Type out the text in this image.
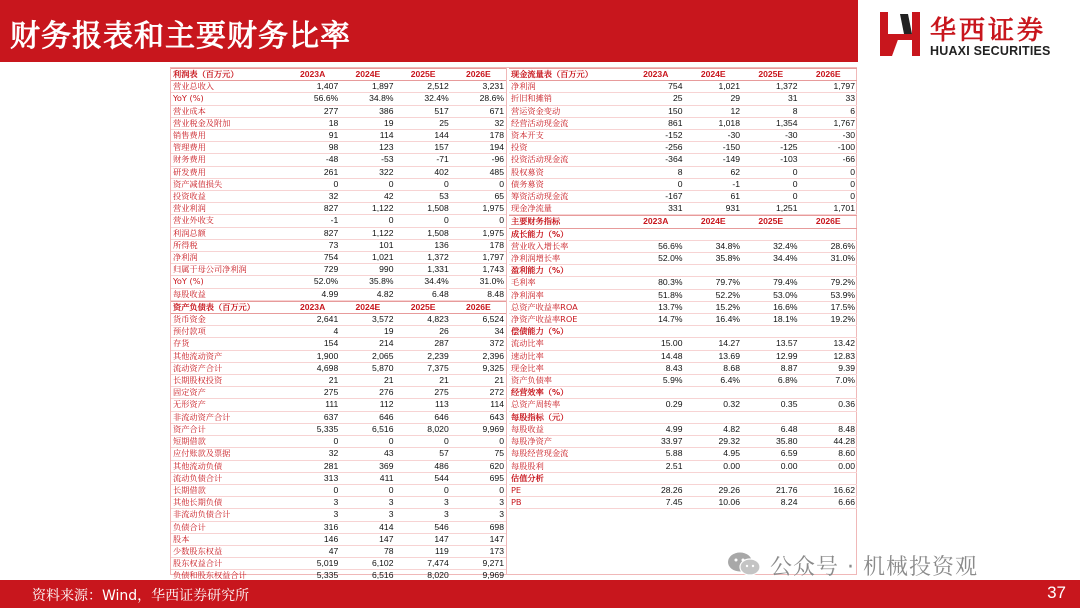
财务报表和主要财务比率	华西证券
HUAXI SECURITIES
利润表（百万元）	2023A	2024E	2025E	2026E
营业总收入	1,407	1,897	2,512	3,231
YoY (%)	56.6%	34.8%	32.4%	28.6%
营业成本	277	386	517	671
营业税金及附加	18	19	25	32
销售费用	91	114	144	178
管理费用	98	123	157	194
财务费用	-48	-53	-71	-96
研发费用	261	322	402	485
资产减值损失	0	0	0	0
投资收益	32	42	53	65
营业利润	827	1,122	1,508	1,975
营业外收支	-1	0	0	0
利润总额	827	1,122	1,508	1,975
所得税	73	101	136	178
净利润	754	1,021	1,372	1,797
归属于母公司净利润	729	990	1,331	1,743
YoY (%)	52.0%	35.8%	34.4%	31.0%
每股收益	4.99	4.82	6.48	8.48
资产负债表（百万元）	2023A	2024E	2025E	2026E
货币资金	2,641	3,572	4,823	6,524
预付款项	4	19	26	34
存货	154	214	287	372
其他流动资产	1,900	2,065	2,239	2,396
流动资产合计	4,698	5,870	7,375	9,325
长期股权投资	21	21	21	21
固定资产	275	276	275	272
无形资产	111	112	113	114
非流动资产合计	637	646	646	643
资产合计	5,335	6,516	8,020	9,969
短期借款	0	0	0	0
应付账款及票据	32	43	57	75
其他流动负债	281	369	486	620
流动负债合计	313	411	544	695
长期借款	0	0	0	0
其他长期负债	3	3	3	3
非流动负债合计	3	3	3	3
负债合计	316	414	546	698
股本	146	147	147	147
少数股东权益	47	78	119	173
股东权益合计	5,019	6,102	7,474	9,271
负债和股东权益合计	5,335	6,516	8,020	9,969
现金流量表（百万元）	2023A	2024E	2025E	2026E
净利润	754	1,021	1,372	1,797
折旧和摊销	25	29	31	33
营运资金变动	150	12	8	6
经营活动现金流	861	1,018	1,354	1,767
资本开支	-152	-30	-30	-30
投资	-256	-150	-125	-100
投资活动现金流	-364	-149	-103	-66
股权募资	8	62	0	0
债务募资	0	-1	0	0
筹资活动现金流	-167	61	0	0
现金净流量	331	931	1,251	1,701
主要财务指标	2023A	2024E	2025E	2026E
成长能力（%）				
营业收入增长率	56.6%	34.8%	32.4%	28.6%
净利润增长率	52.0%	35.8%	34.4%	31.0%
盈利能力（%）				
毛利率	80.3%	79.7%	79.4%	79.2%
净利润率	51.8%	52.2%	53.0%	53.9%
总资产收益率ROA	13.7%	15.2%	16.6%	17.5%
净资产收益率ROE	14.7%	16.4%	18.1%	19.2%
偿债能力（%）				
流动比率	15.00	14.27	13.57	13.42
速动比率	14.48	13.69	12.99	12.83
现金比率	8.43	8.68	8.87	9.39
资产负债率	5.9%	6.4%	6.8%	7.0%
经营效率（%）				
总资产周转率	0.29	0.32	0.35	0.36
每股指标（元）				
每股收益	4.99	4.82	6.48	8.48
每股净资产	33.97	29.32	35.80	44.28
每股经营现金流	5.88	4.95	6.59	8.60
每股股利	2.51	0.00	0.00	0.00
估值分析				
PE	28.26	29.26	21.76	16.62
PB	7.45	10.06	8.24	6.66
公众号 · 机械投资观
资料来源：Wind，华西证券研究所	37
